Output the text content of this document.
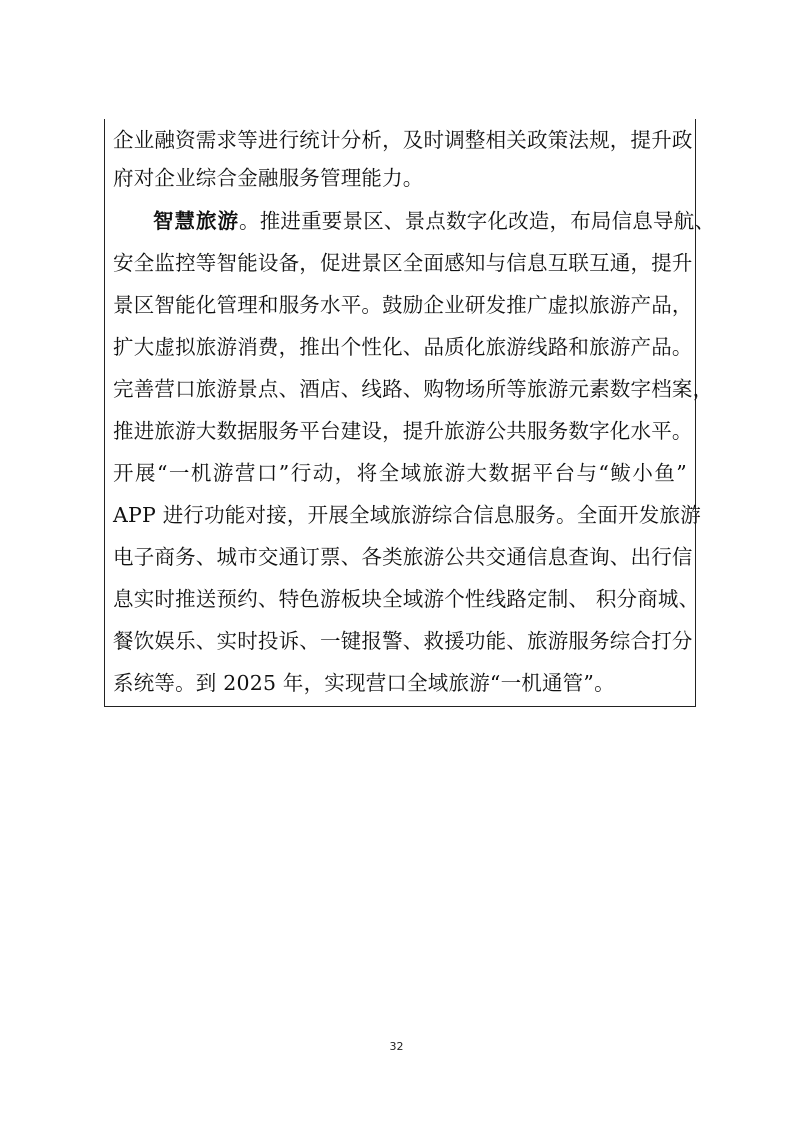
企业融资需求等进行统计分析，及时调整相关政策法规，提升政
府对企业综合金融服务管理能力。
智慧旅游。推进重要景区、景点数字化改造，布局信息导航、
安全监控等智能设备，促进景区全面感知与信息互联互通，提升
景区智能化管理和服务水平。鼓励企业研发推广虚拟旅游产品，
扩大虚拟旅游消费，推出个性化、品质化旅游线路和旅游产品。
完善营口旅游景点、酒店、线路、购物场所等旅游元素数字档案，
推进旅游大数据服务平台建设，提升旅游公共服务数字化水平。
开展“一机游营口”行动，将全域旅游大数据平台与“鲅小鱼”
APP 进行功能对接，开展全域旅游综合信息服务。全面开发旅游
电子商务、城市交通订票、各类旅游公共交通信息查询、出行信
息实时推送预约、特色游板块全域游个性线路定制、 积分商城、
餐饮娱乐、实时投诉、一键报警、救援功能、旅游服务综合打分
系统等。到 2025 年，实现营口全域旅游“一机通管”。
32
